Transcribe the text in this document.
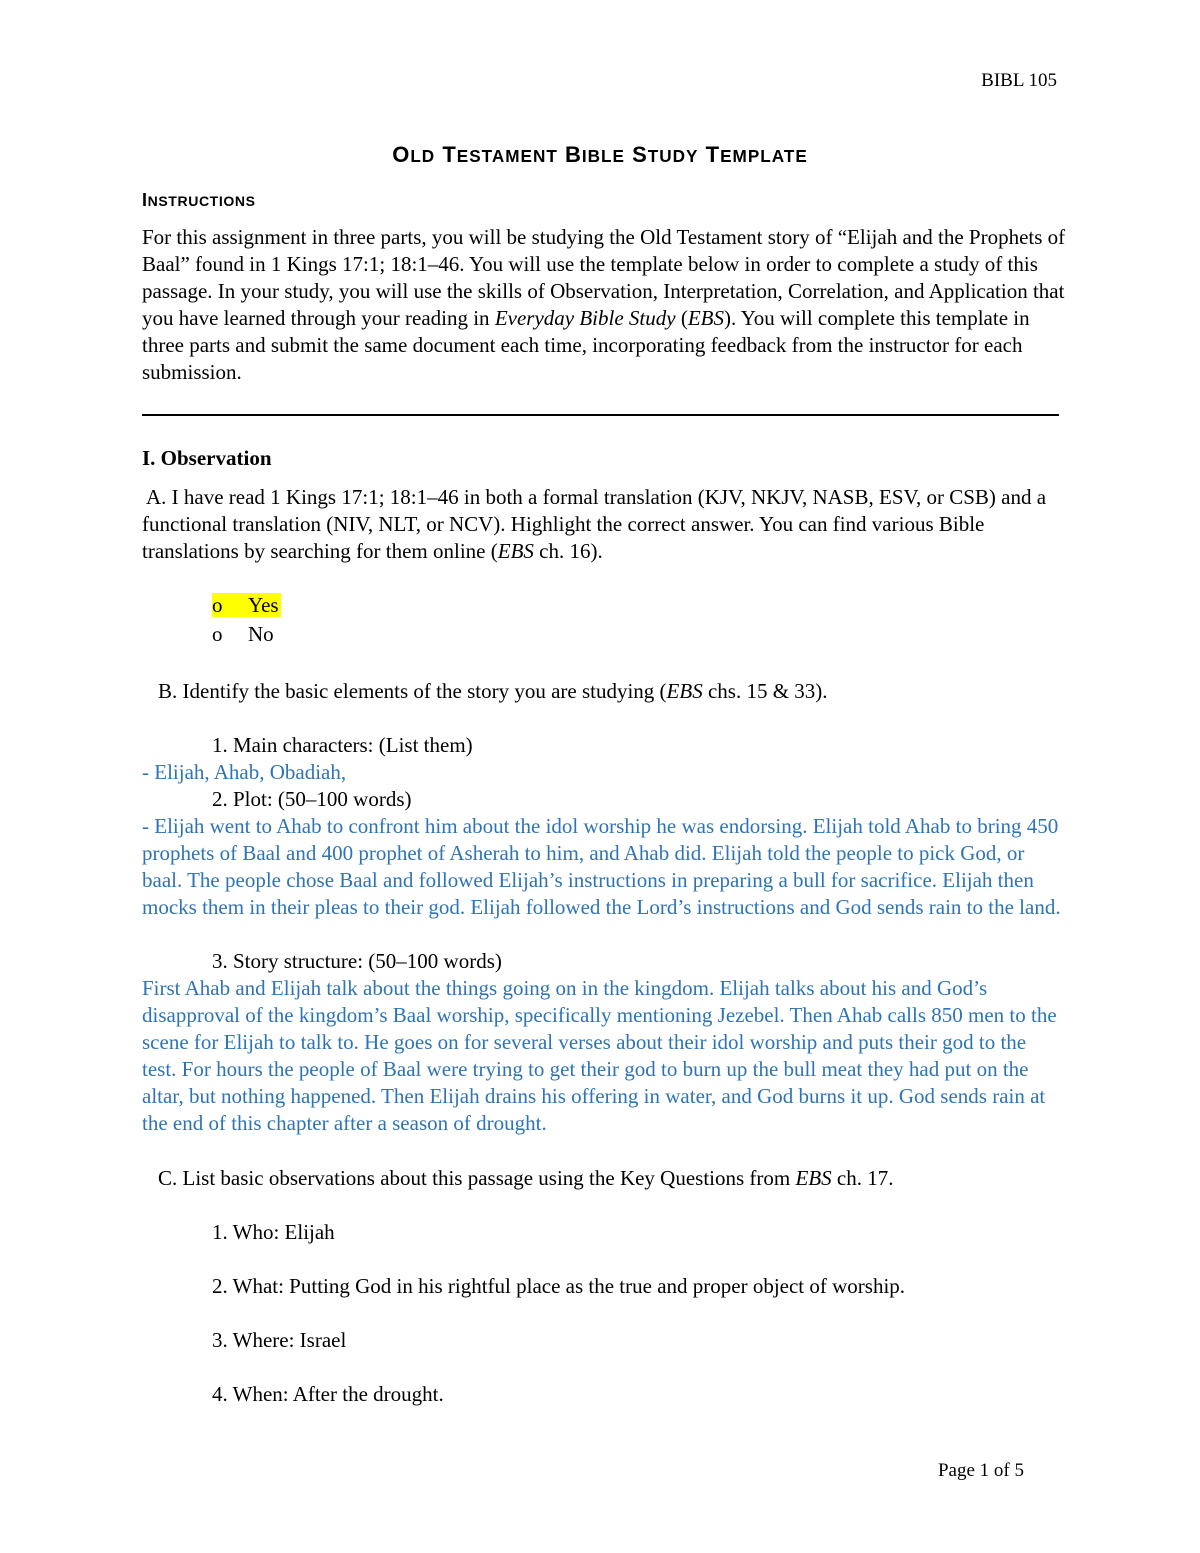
BIBL 105
OLD TESTAMENT BIBLE STUDY TEMPLATE
INSTRUCTIONS
For this assignment in three parts, you will be studying the Old Testament story of “Elijah and the Prophets of Baal” found in 1 Kings 17:1; 18:1–46. You will use the template below in order to complete a study of this passage. In your study, you will use the skills of Observation, Interpretation, Correlation, and Application that you have learned through your reading in Everyday Bible Study (EBS). You will complete this template in three parts and submit the same document each time, incorporating feedback from the instructor for each submission.
I. Observation
A. I have read 1 Kings 17:1; 18:1–46 in both a formal translation (KJV, NKJV, NASB, ESV, or CSB) and a functional translation (NIV, NLT, or NCV). Highlight the correct answer. You can find various Bible translations by searching for them online (EBS ch. 16).
o Yes
o No
B. Identify the basic elements of the story you are studying (EBS chs. 15 & 33).
1. Main characters: (List them)
- Elijah, Ahab, Obadiah,
2. Plot: (50–100 words)
- Elijah went to Ahab to confront him about the idol worship he was endorsing. Elijah told Ahab to bring 450 prophets of Baal and 400 prophet of Asherah to him, and Ahab did. Elijah told the people to pick God, or baal. The people chose Baal and followed Elijah’s instructions in preparing a bull for sacrifice. Elijah then mocks them in their pleas to their god. Elijah followed the Lord’s instructions and God sends rain to the land.
3. Story structure: (50–100 words)
First Ahab and Elijah talk about the things going on in the kingdom. Elijah talks about his and God’s disapproval of the kingdom’s Baal worship, specifically mentioning Jezebel. Then Ahab calls 850 men to the scene for Elijah to talk to. He goes on for several verses about their idol worship and puts their god to the test. For hours the people of Baal were trying to get their god to burn up the bull meat they had put on the altar, but nothing happened. Then Elijah drains his offering in water, and God burns it up. God sends rain at the end of this chapter after a season of drought.
C. List basic observations about this passage using the Key Questions from EBS ch. 17.
1. Who: Elijah
2. What: Putting God in his rightful place as the true and proper object of worship.
3. Where: Israel
4. When: After the drought.
Page 1 of 5
